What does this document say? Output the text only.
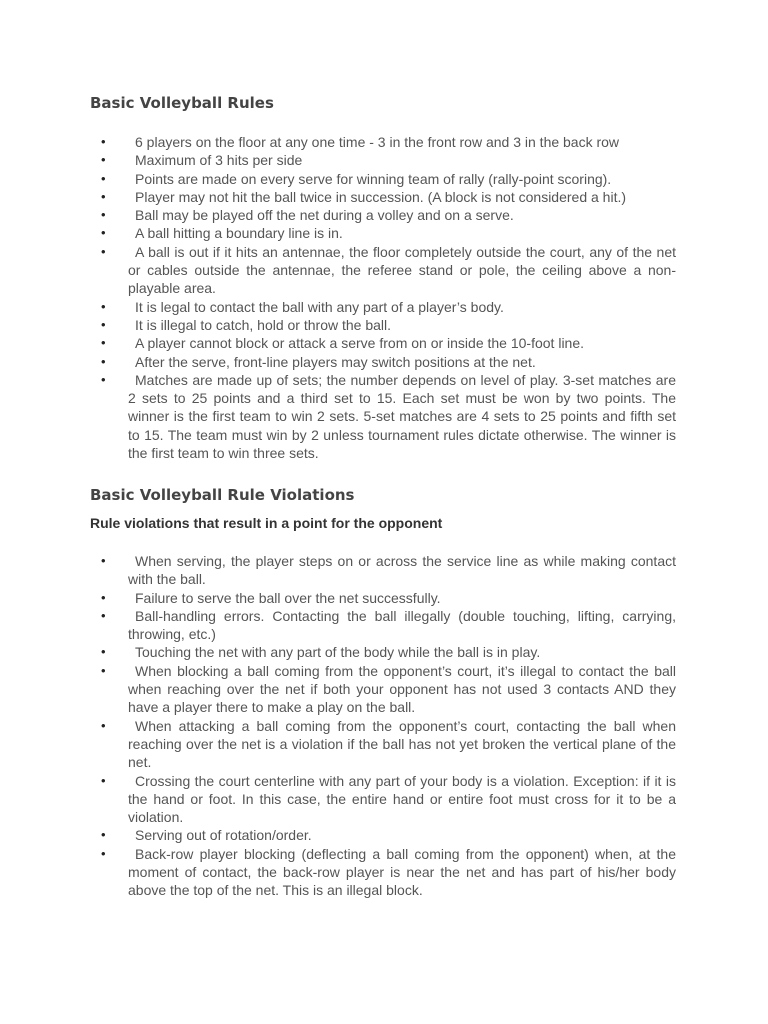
Basic Volleyball Rules
• 6 players on the floor at any one time - 3 in the front row and 3 in the back row
• Maximum of 3 hits per side
• Points are made on every serve for winning team of rally (rally-point scoring).
• Player may not hit the ball twice in succession. (A block is not considered a hit.)
• Ball may be played off the net during a volley and on a serve.
• A ball hitting a boundary line is in.
• A ball is out if it hits an antennae, the floor completely outside the court, any of the net or cables outside the antennae, the referee stand or pole, the ceiling above a non-playable area.
• It is legal to contact the ball with any part of a player’s body.
• It is illegal to catch, hold or throw the ball.
• A player cannot block or attack a serve from on or inside the 10-foot line.
• After the serve, front-line players may switch positions at the net.
• Matches are made up of sets; the number depends on level of play. 3-set matches are 2 sets to 25 points and a third set to 15. Each set must be won by two points. The winner is the first team to win 2 sets. 5-set matches are 4 sets to 25 points and fifth set to 15. The team must win by 2 unless tournament rules dictate otherwise. The winner is the first team to win three sets.
Basic Volleyball Rule Violations
Rule violations that result in a point for the opponent
• When serving, the player steps on or across the service line as while making contact with the ball.
• Failure to serve the ball over the net successfully.
• Ball-handling errors. Contacting the ball illegally (double touching, lifting, carrying, throwing, etc.)
• Touching the net with any part of the body while the ball is in play.
• When blocking a ball coming from the opponent’s court, it’s illegal to contact the ball when reaching over the net if both your opponent has not used 3 contacts AND they have a player there to make a play on the ball.
• When attacking a ball coming from the opponent’s court, contacting the ball when reaching over the net is a violation if the ball has not yet broken the vertical plane of the net.
• Crossing the court centerline with any part of your body is a violation. Exception: if it is the hand or foot. In this case, the entire hand or entire foot must cross for it to be a violation.
• Serving out of rotation/order.
• Back-row player blocking (deflecting a ball coming from the opponent) when, at the moment of contact, the back-row player is near the net and has part of his/her body above the top of the net. This is an illegal block.
